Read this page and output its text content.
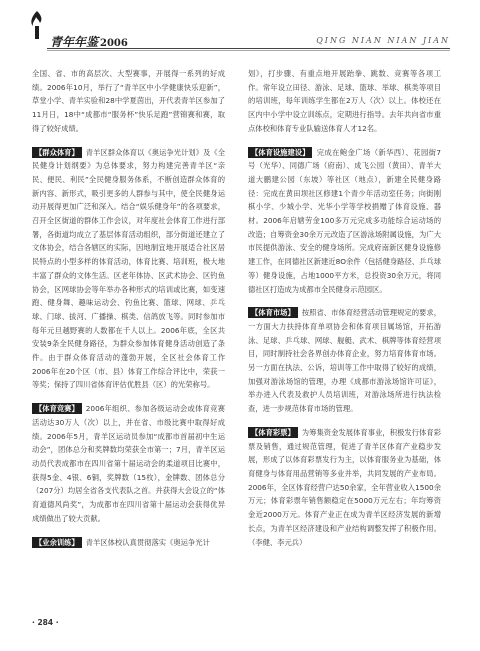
青年年鉴 2006	QING NIAN NIAN JIAN

全国、省、市的高层次、大型赛事，开展得一系列的好成绩。2006年10月，举行了“青羊区中小学健康快乐迎新”，草堂小学、青羊实验和28中学夏茵出，开代表青羊区参加了11月日，18中“成都市“服务杯”快乐足跑”营锦赛和赛，取得了较好成绩。

【群众体育】 青羊区群众体育以《奥运争光计划》及《全民健身计划纲要》为总体要求，努力构建完善青羊区“亲民、便民、利民”全民健身服务体系，不断创造群众体育的新内容、新形式，吸引更多的人群参与其中，使全民健身运动开展得更加广泛和深入。结合“娱乐健身年”的各项要求，召开全区街道的群体工作会议，对年度社会体育工作进行部署，各街道均成立了基层体育活动组织，部分街道还建立了文体协会，结合各辖区的实际，因地制宜地开展适合社区居民特点的小型多样的体育活动，体育比赛、培训班，极大地丰富了群众的文体生活。区老年体协、区武术协会、区钓鱼协会，区网球协会等年举办各种形式的培训或比赛，如变速跑、健身舞、趣味运动会、钓鱼比赛、篮球、网球、乒乓球、门球、拔河、广播操、棋类、信鸽放飞等。同时参加市每年元旦越野赛的人数都在千人以上。2006年底，全区共安装9条全民健身路径，为群众参加体育健身活动创造了条件。由于群众体育活动的蓬勃开展，全区社会体育工作2006年在20个区（市、县）体育工作综合评比中，荣获一等奖；保持了四川省体育评估优胜县（区）的光荣称号。

【体育竞赛】 2006年组织、参加各级运动会或体育竞赛活动达30万人（次）以上，并在省、市级比赛中取得好成绩。2006年5月，青羊区运动员参加“成都市首届初中生运动会”，团体总分和奖牌数均荣获全市第一；7月，青羊区运动员代表成都市在四川省第十届运动会的柔道项目比赛中，获得5金、4银、6铜，奖牌数（15枚），金牌数、团体总分（207分）均居全省各支代表队之首。并获得大会设立的“体育道德风尚奖”，为成都市在四川省第十届运动会获得优异成绩做出了较大贡献。

【业余训练】 青羊区体校认真贯彻落实《奥运争光计

划》，打步骤、有重点地开展跆拳、跳数、竞赛等各项工作。常年设立田径、游泳、足球、篮球、举球、棋类等项目的培训班，每年训练学生都在2万人（次）以上。体校还在区内中小学中设立训练点，定期进行指导。去年共向省市重点体校和体育专业队输送体育人才12名。

【体育设施建设】 完成在鲍金广场（新华西）、花园街7号（光华）、同德广场（府南）、成飞公园（黄田）、青羊大道大鹏建公园（东坡）等社区（地点），新建全民健身路径：完成在黄田坝社区修建1个青少年活动室任务；向街刚棋小学、少城小学、光华小学等学校捐赠了体育设施、器材。2006年启辖劳金100多万元完成多功能综合运动场的改造；自筹资金30余万元改造了区游泳场附属设施，为广大市民提供游泳、安全的健身场所。完成府南新区健身设施修建工作，在同德社区新建近8O余件（包括健身路径、乒乓球等）健身设施，占地1000平方米，总投资30余万元，将同德社区打造成为成都市全民健身示范园区。

【体育市场】 按照省、市体育经营活动管理规定的要求，一方面大力扶持体育单项协会和体育项目属场馆，开拓游泳、足球、乒乓球、网球、舰艇、武术、棋牌等体育经营项目，同时制持社会各界创办体育企业，努力培育体育市场。另一方面在执法、公诉，培训等工作中取得了较好的成绩，加强对游泳场馆的管理，办理《成都市游泳场馆许可证》，举办进入代表及救护人员培训班，对游泳场所进行执法检查，进一步规范体育市场的管理。

【体育彩票】 为筹集资金发展体育事业，积极发行体育彩票及销售，通过规范管理，促进了青羊区体育产业稳步发展，形成了以体育彩票发行为主，以体育服务业为基础，体育健身与体育用品营销等多业并举，共同发展的产业布局。2006年，全区体育经营户达50余家，全年营业收入1500余万元；体育彩票年销售额稳定在5000万元左右；年均筹资金近2000万元。体育产业正在成为青羊区经济发展的新增长点，为青羊区经济建设和产业结构调整发挥了积极作用。（李健、李元兵）

· 284 ·
